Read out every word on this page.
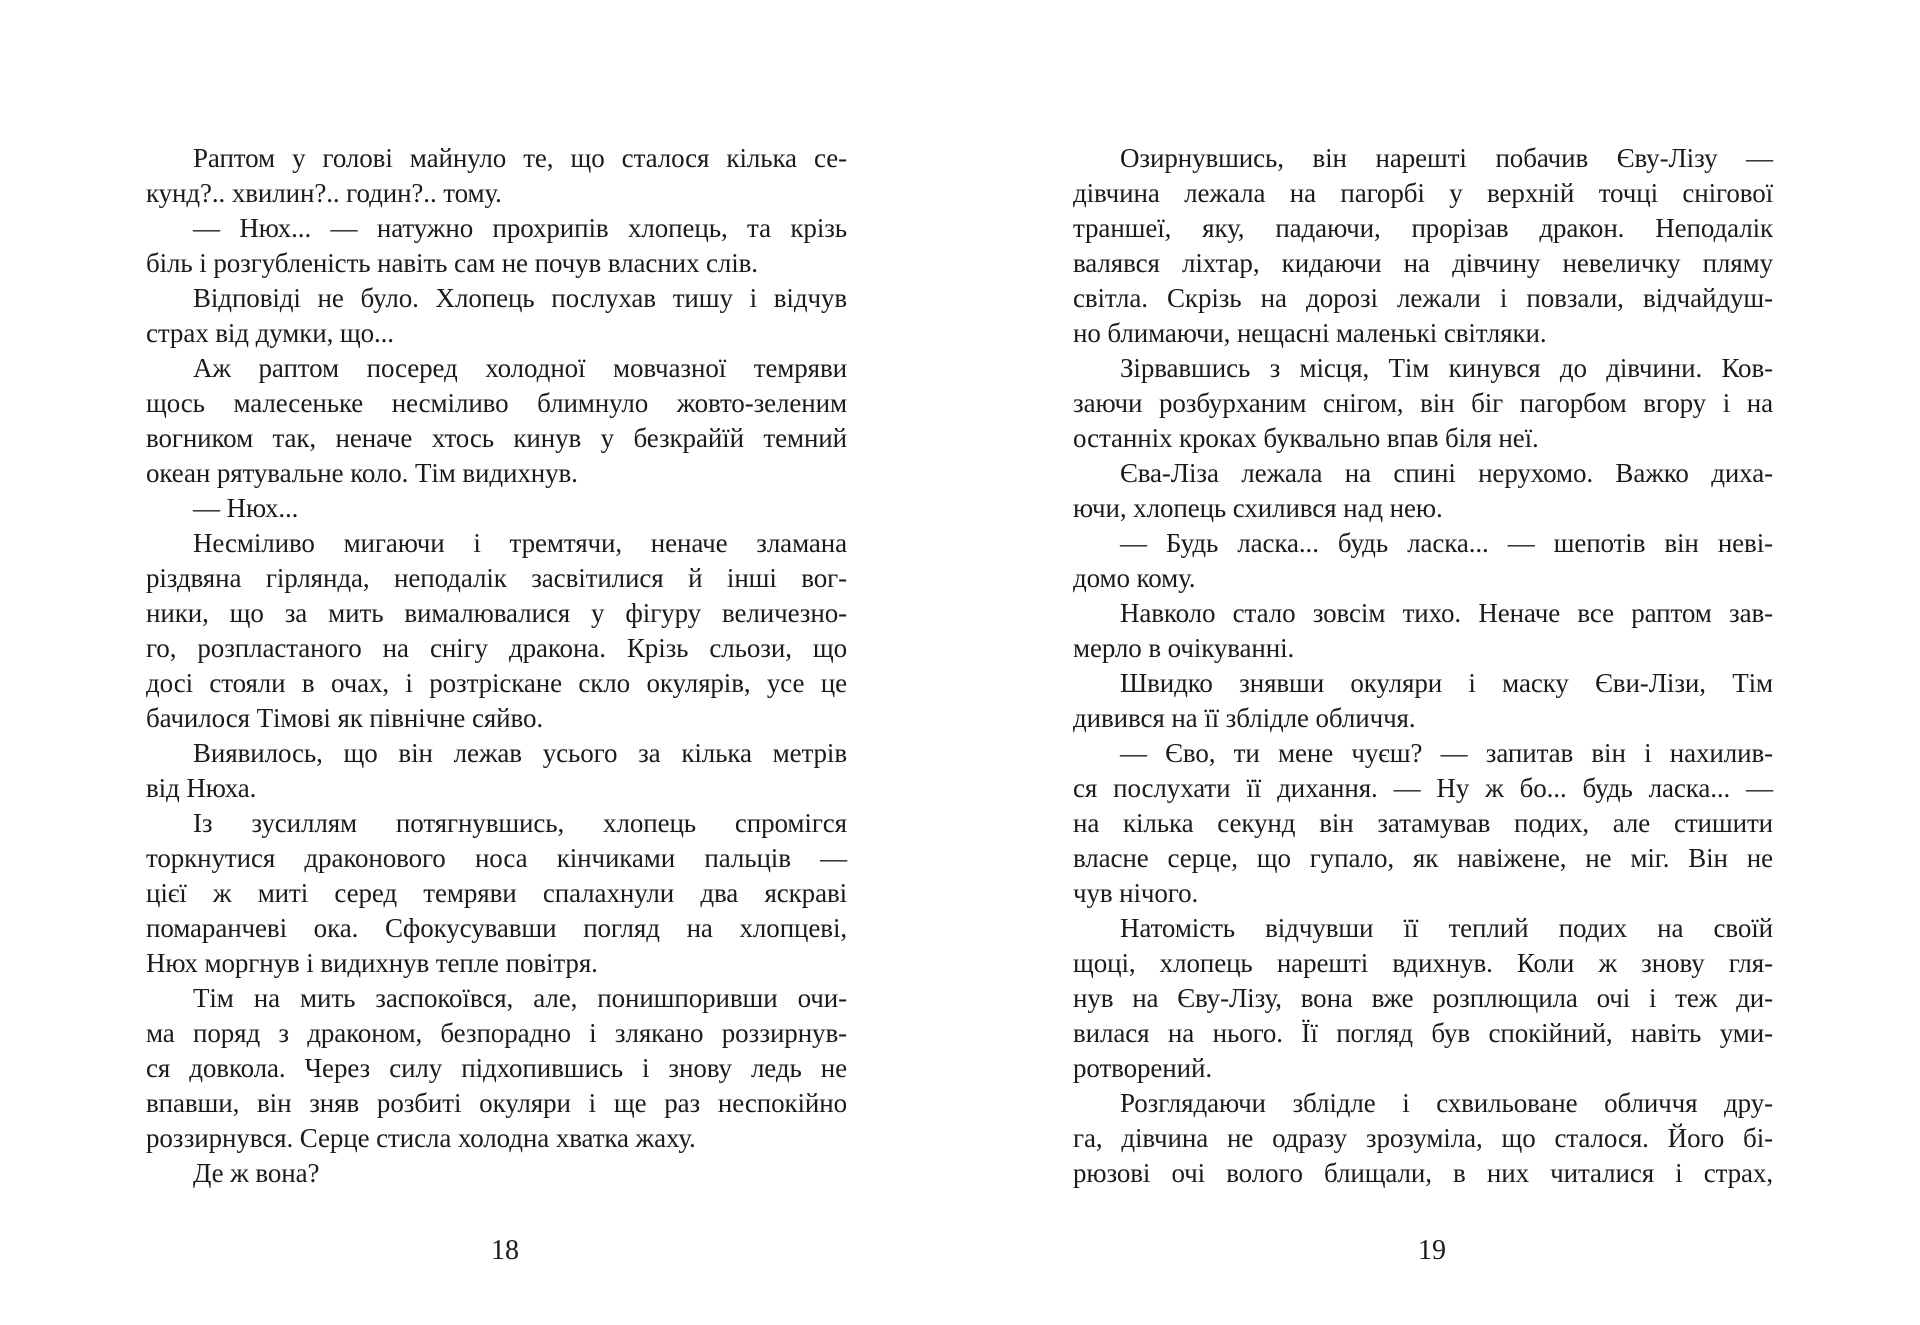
Раптом у голові майнуло те, що сталося кілька се-
кунд?.. хвилин?.. годин?.. тому.
— Нюх... — натужно прохрипів хлопець, та крізь
біль і розгубленість навіть сам не почув власних слів.
Відповіді не було. Хлопець послухав тишу і відчув
страх від думки, що...
Аж раптом посеред холодної мовчазної темряви
щось малесеньке несміливо блимнуло жовто-зеленим
вогником так, неначе хтось кинув у безкрайїй темний
океан рятувальне коло. Тім видихнув.
— Нюх...
Несміливо мигаючи і тремтячи, неначе зламана
різдвяна гірлянда, неподалік засвітилися й інші вог-
ники, що за мить вималювалися у фігуру величезно-
го, розпластаного на снігу дракона. Крізь сльози, що
досі стояли в очах, і розтріскане скло окулярів, усе це
бачилося Тімові як північне сяйво.
Виявилось, що він лежав усього за кілька метрів
від Нюха.
Із зусиллям потягнувшись, хлопець спромігся
торкнутися драконового носа кінчиками пальців —
цієї ж миті серед темряви спалахнули два яскраві
помаранчеві ока. Сфокусувавши погляд на хлопцеві,
Нюх моргнув і видихнув тепле повітря.
Тім на мить заспокоївся, але, понишпоривши очи-
ма поряд з драконом, безпорадно і злякано роззирнув-
ся довкола. Через силу підхопившись і знову ледь не
впавши, він зняв розбиті окуляри і ще раз неспокійно
роззирнувся. Серце стисла холодна хватка жаху.
Де ж вона?
18
Озирнувшись, він нарешті побачив Єву-Лізу —
дівчина лежала на пагорбі у верхній точці снігової
траншеї, яку, падаючи, прорізав дракон. Неподалік
валявся ліхтар, кидаючи на дівчину невеличку пляму
світла. Скрізь на дорозі лежали і повзали, відчайдуш-
но блимаючи, нещасні маленькі світляки.
Зірвавшись з місця, Тім кинувся до дівчини. Ков-
заючи розбурханим снігом, він біг пагорбом вгору і на
останніх кроках буквально впав біля неї.
Єва-Ліза лежала на спині нерухомо. Важко диха-
ючи, хлопець схилився над нею.
— Будь ласка... будь ласка... — шепотів він неві-
домо кому.
Навколо стало зовсім тихо. Неначе все раптом зав-
мерло в очікуванні.
Швидко знявши окуляри і маску Єви-Лізи, Тім
дивився на її зблідле обличчя.
— Єво, ти мене чуєш? — запитав він і нахилив-
ся послухати її дихання. — Ну ж бо... будь ласка... —
на кілька секунд він затамував подих, але стишити
власне серце, що гупало, як навіжене, не міг. Він не
чув нічого.
Натомість відчувши її теплий подих на своїй
щоці, хлопець нарешті вдихнув. Коли ж знову гля-
нув на Єву-Лізу, вона вже розплющила очі і теж ди-
вилася на нього. Її погляд був спокійний, навіть уми-
ротворений.
Розглядаючи зблідле і схвильоване обличчя дру-
га, дівчина не одразу зрозуміла, що сталося. Його бі-
рюзові очі вологo блищали, в них читалися і страх,
19
